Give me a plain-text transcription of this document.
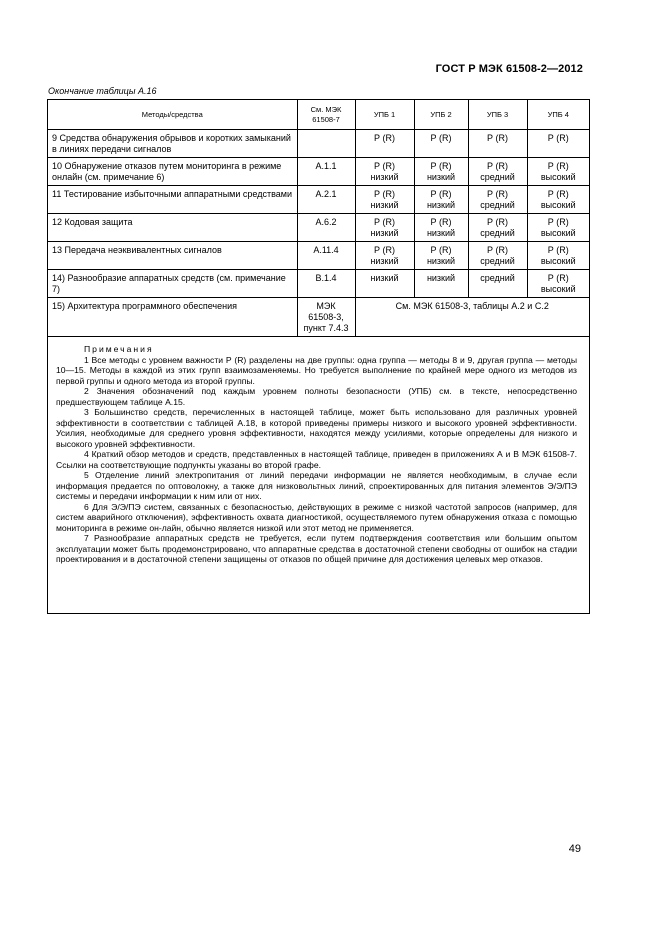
ГОСТ Р МЭК 61508-2—2012
Окончание таблицы А.16
Методы/средства	См. МЭК 61508-7	УПБ 1	УПБ 2	УПБ 3	УПБ 4
9 Средства обнаружения обрывов и коротких замыканий в линиях передачи сигналов		Р (R)	Р (R)	Р (R)	Р (R)
10 Обнаружение отказов путем мониторинга в режиме онлайн (см. примечание 6)	А.1.1	Р (R) низкий	Р (R) низкий	Р (R) средний	Р (R) высокий
11 Тестирование избыточными аппаратными средствами	А.2.1	Р (R) низкий	Р (R) низкий	Р (R) средний	Р (R) высокий
12 Кодовая защита	А.6.2	Р (R) низкий	Р (R) низкий	Р (R) средний	Р (R) высокий
13 Передача неэквивалентных сигналов	А.11.4	Р (R) низкий	Р (R) низкий	Р (R) средний	Р (R) высокий
14) Разнообразие аппаратных средств (см. примечание 7)	В.1.4	низкий	низкий	средний	Р (R) высокий
15) Архитектура программного обеспечения	МЭК 61508-3, пункт 7.4.3	См. МЭК 61508-3, таблицы А.2 и С.2			

Примечания

1 Все методы с уровнем важности Р (R) разделены на две группы: одна группа — методы 8 и 9, другая группа — методы 10—15. Методы в каждой из этих групп взаимозаменяемы. Но требуется выполнение по крайней мере одного из методов из первой группы и одного метода из второй группы.

2 Значения обозначений под каждым уровнем полноты безопасности (УПБ) см. в тексте, непосредственно предшествующем таблице А.15.

3 Большинство средств, перечисленных в настоящей таблице, может быть использовано для различных уровней эффективности в соответствии с таблицей А.18, в которой приведены примеры низкого и высокого уровней эффективности. Усилия, необходимые для среднего уровня эффективности, находятся между усилиями, которые определены для низкого и высокого уровней эффективности.

4 Краткий обзор методов и средств, представленных в настоящей таблице, приведен в приложениях А и В МЭК 61508-7. Ссылки на соответствующие подпункты указаны во второй графе.

5 Отделение линий электропитания от линий передачи информации не является необходимым, в случае если информация предается по оптоволокну, а также для низковольтных линий, спроектированных для питания элементов Э/Э/ПЭ системы и передачи информации к ним или от них.

6 Для Э/Э/ПЭ систем, связанных с безопасностью, действующих в режиме с низкой частотой запросов (например, для систем аварийного отключения), эффективность охвата диагностикой, осуществляемого путем обнаружения отказа с помощью мониторинга в режиме он-лайн, обычно является низкой или этот метод не применяется.

7 Разнообразие аппаратных средств не требуется, если путем подтверждения соответствия или большим опытом эксплуатации может быть продемонстрировано, что аппаратные средства в достаточной степени свободны от ошибок на стадии проектирования и в достаточной степени защищены от отказов по общей причине для достижения целевых мер отказов.

49
